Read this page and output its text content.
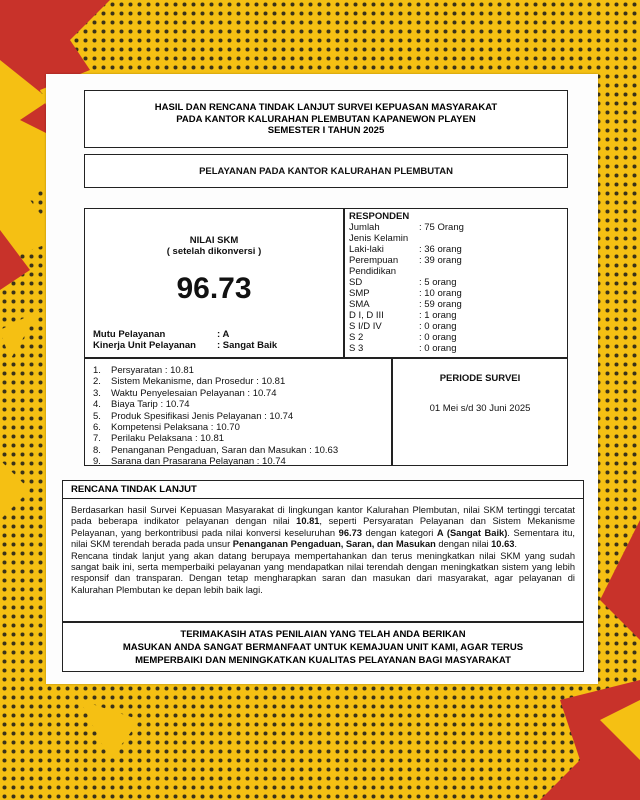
HASIL DAN RENCANA TINDAK LANJUT SURVEI KEPUASAN MASYARAKAT
PADA KANTOR KALURAHAN PLEMBUTAN KAPANEWON PLAYEN
SEMESTER I TAHUN 2025
PELAYANAN PADA KANTOR KALURAHAN PLEMBUTAN
NILAI SKM
( setelah dikonversi )
96.73
Mutu Pelayanan	: A
Kinerja Unit Pelayanan	: Sangat Baik
RESPONDEN
Jumlah	: 75 Orang
Jenis Kelamin
Laki-laki	: 36 orang
Perempuan	: 39 orang
Pendidikan
SD	: 5 orang
SMP	: 10 orang
SMA	: 59 orang
D I, D III	: 1 orang
S I/D IV	: 0 orang
S 2	: 0 orang
S 3	: 0 orang
1.	Persyaratan : 10.81
2.	Sistem Mekanisme, dan Prosedur : 10.81
3.	Waktu Penyelesaian Pelayanan : 10.74
4.	Biaya Tarip : 10.74
5.	Produk Spesifikasi Jenis Pelayanan : 10.74
6.	Kompetensi Pelaksana : 10.70
7.	Perilaku Pelaksana : 10.81
8.	Penanganan Pengaduan, Saran dan Masukan : 10.63
9.	Sarana dan Prasarana Pelayanan : 10.74
PERIODE SURVEI
01 Mei s/d 30 Juni 2025
RENCANA TINDAK LANJUT
Berdasarkan hasil Survei Kepuasan Masyarakat di lingkungan kantor Kalurahan Plembutan, nilai SKM tertinggi tercatat pada beberapa indikator pelayanan dengan nilai 10.81, seperti Persyaratan Pelayanan dan Sistem Mekanisme Pelayanan, yang berkontribusi pada nilai konversi keseluruhan 96.73 dengan kategori A (Sangat Baik). Sementara itu, nilai SKM terendah berada pada unsur Penanganan Pengaduan, Saran, dan Masukan dengan nilai 10.63.
Rencana tindak lanjut yang akan datang berupaya mempertahankan dan terus meningkatkan nilai SKM yang sudah sangat baik ini, serta memperbaiki pelayanan yang mendapatkan nilai terendah dengan meningkatkan sistem yang lebih responsif dan transparan. Dengan tetap mengharapkan saran dan masukan dari masyarakat, agar pelayanan di Kalurahan Plembutan ke depan lebih baik lagi.
TERIMAKASIH ATAS PENILAIAN YANG TELAH ANDA BERIKAN
MASUKAN ANDA SANGAT BERMANFAAT UNTUK KEMAJUAN UNIT KAMI, AGAR TERUS
MEMPERBAIKI DAN MENINGKATKAN KUALITAS PELAYANAN BAGI MASYARAKAT
